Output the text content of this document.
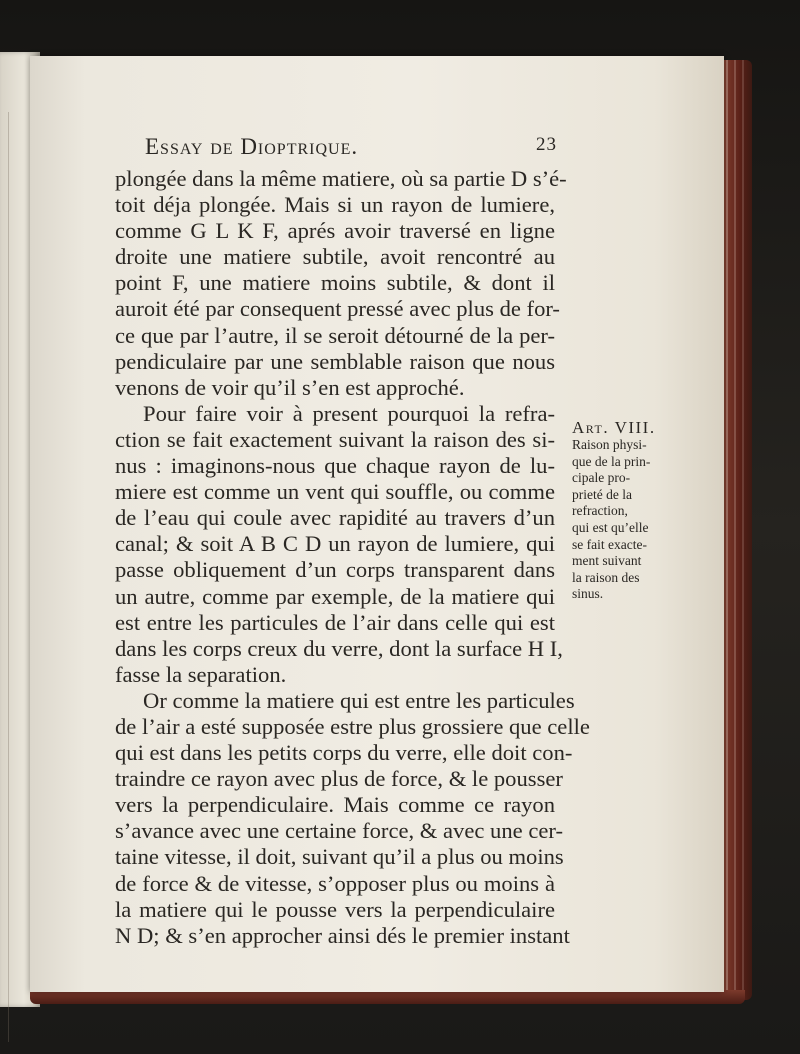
Essay de Dioptrique.	23
plongée dans la même matiere, où sa partie D s’é-
toit déja plongée. Mais si un rayon de lumiere,
comme G L K F, aprés avoir traversé en ligne
droite une matiere subtile, avoit rencontré au
point F, une matiere moins subtile, & dont il
auroit été par consequent pressé avec plus de for-
ce que par l’autre, il se seroit détourné de la per-
pendiculaire par une semblable raison que nous
venons de voir qu’il s’en est approché.
Pour faire voir à present pourquoi la refra-
ction se fait exactement suivant la raison des si-
nus : imaginons-nous que chaque rayon de lu-
miere est comme un vent qui souffle, ou comme
de l’eau qui coule avec rapidité au travers d’un
canal; & soit A B C D un rayon de lumiere, qui
passe obliquement d’un corps transparent dans
un autre, comme par exemple, de la matiere qui
est entre les particules de l’air dans celle qui est
dans les corps creux du verre, dont la surface H I,
fasse la separation.
Or comme la matiere qui est entre les particules
de l’air a esté supposée estre plus grossiere que celle
qui est dans les petits corps du verre, elle doit con-
traindre ce rayon avec plus de force, & le pousser
vers la perpendiculaire. Mais comme ce rayon
s’avance avec une certaine force, & avec une cer-
taine vitesse, il doit, suivant qu’il a plus ou moins
de force & de vitesse, s’opposer plus ou moins à
la matiere qui le pousse vers la perpendiculaire
N D; & s’en approcher ainsi dés le premier instant
Art. VIII.
Raison physi-
que de la prin-
cipale pro-
prieté de la
refraction,
qui est qu’elle
se fait exacte-
ment suivant
la raison des
sinus.
